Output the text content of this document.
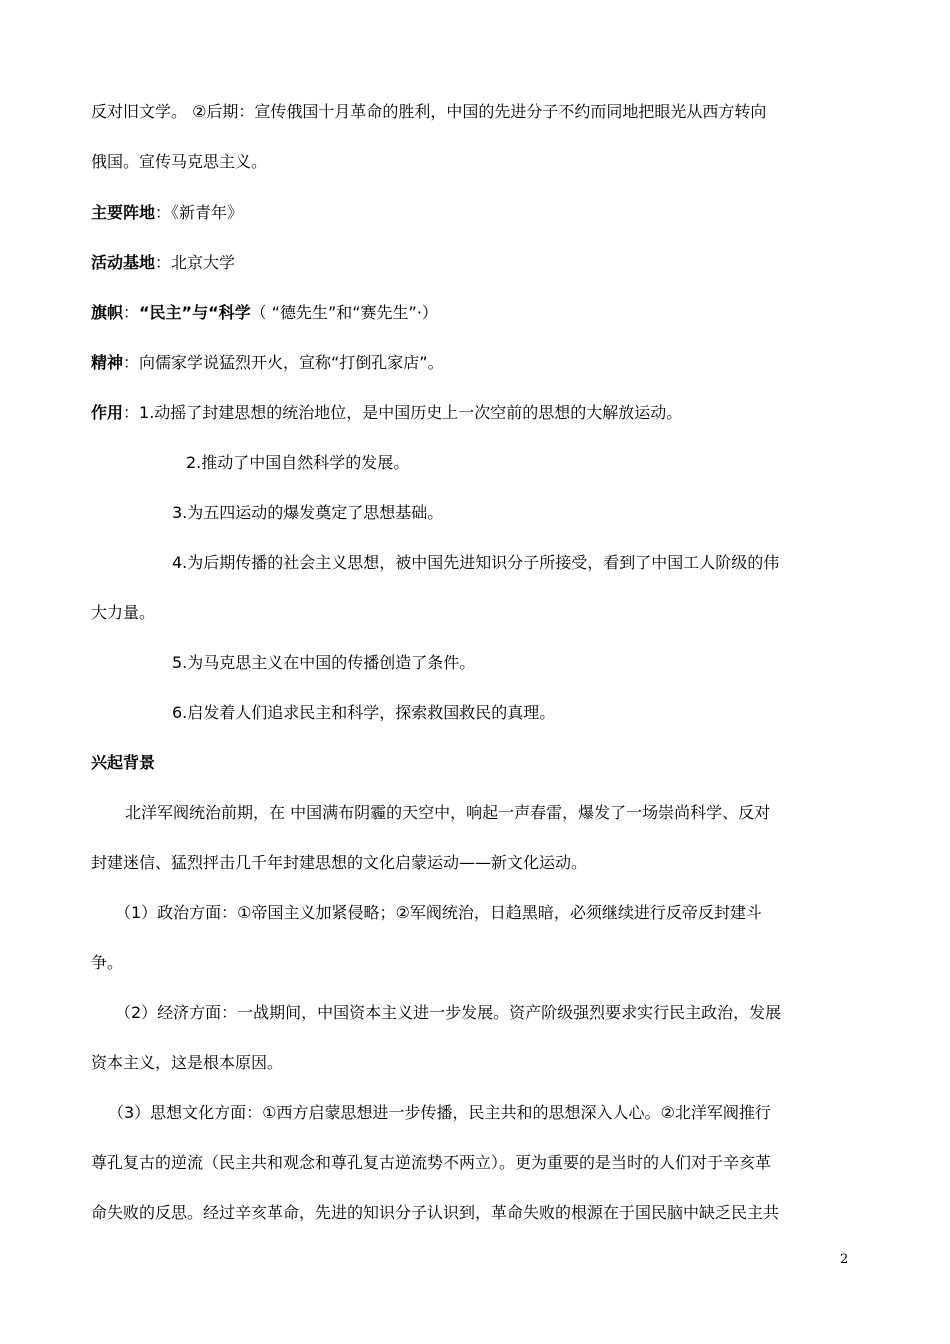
反对旧文学。 ②后期：宣传俄国十月革命的胜利，中国的先进分子不约而同地把眼光从西方转向
俄国。宣传马克思主义。
主要阵地：《新青年》
活动基地：北京大学
旗帜：“民主”与“科学（ “德先生”和“赛先生”·）
精神：向儒家学说猛烈开火，宣称“打倒孔家店”。
作用：1.动摇了封建思想的统治地位，是中国历史上一次空前的思想的大解放运动。
2.推动了中国自然科学的发展。
3.为五四运动的爆发奠定了思想基础。
4.为后期传播的社会主义思想，被中国先进知识分子所接受，看到了中国工人阶级的伟
大力量。
5.为马克思主义在中国的传播创造了条件。
6.启发着人们追求民主和科学，探索救国救民的真理。
兴起背景
北洋军阀统治前期，在 中国满布阴霾的天空中，响起一声春雷，爆发了一场崇尚科学、反对
封建迷信、猛烈抨击几千年封建思想的文化启蒙运动——新文化运动。
（1）政治方面：①帝国主义加紧侵略；②军阀统治，日趋黑暗，必须继续进行反帝反封建斗
争。
（2）经济方面：一战期间，中国资本主义进一步发展。资产阶级强烈要求实行民主政治，发展
资本主义，这是根本原因。
（3）思想文化方面：①西方启蒙思想进一步传播，民主共和的思想深入人心。②北洋军阀推行
尊孔复古的逆流（民主共和观念和尊孔复古逆流势不两立）。更为重要的是当时的人们对于辛亥革
命失败的反思。经过辛亥革命，先进的知识分子认识到，革命失败的根源在于国民脑中缺乏民主共
2
